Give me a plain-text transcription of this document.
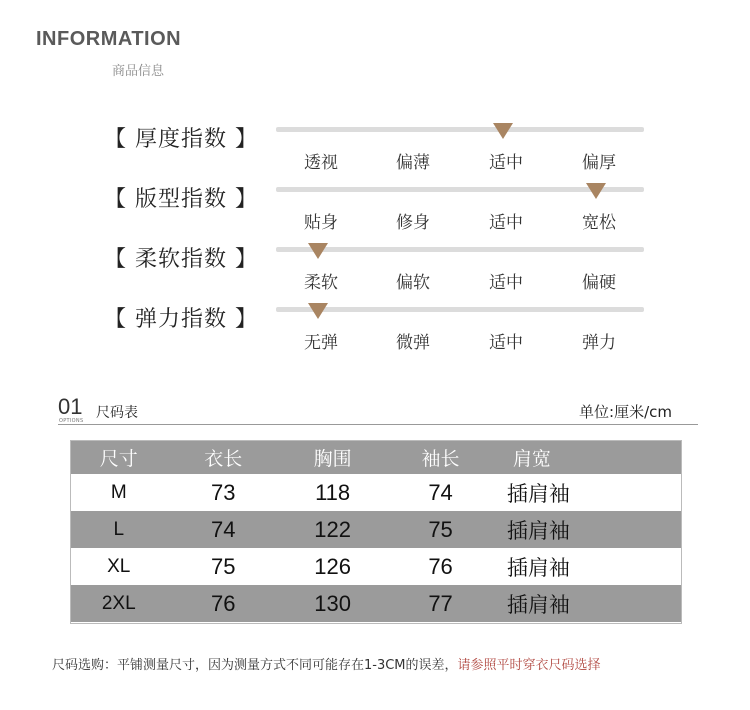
INFORMATION
商品信息
【 厚度指数 】
透视	偏薄	适中	偏厚
【 版型指数 】
贴身	修身	适中	宽松
【 柔软指数 】
柔软	偏软	适中	偏硬
【 弹力指数 】
无弹	微弹	适中	弹力
01
OPTIONS 尺码表	单位:厘米/cm
尺寸	衣长	胸围	袖长	肩宽
M	73	118	74	插肩袖
L	74	122	75	插肩袖
XL	75	126	76	插肩袖
2XL	76	130	77	插肩袖
尺码选购：平铺测量尺寸，因为测量方式不同可能存在1-3CM的误差，请参照平时穿衣尺码选择
